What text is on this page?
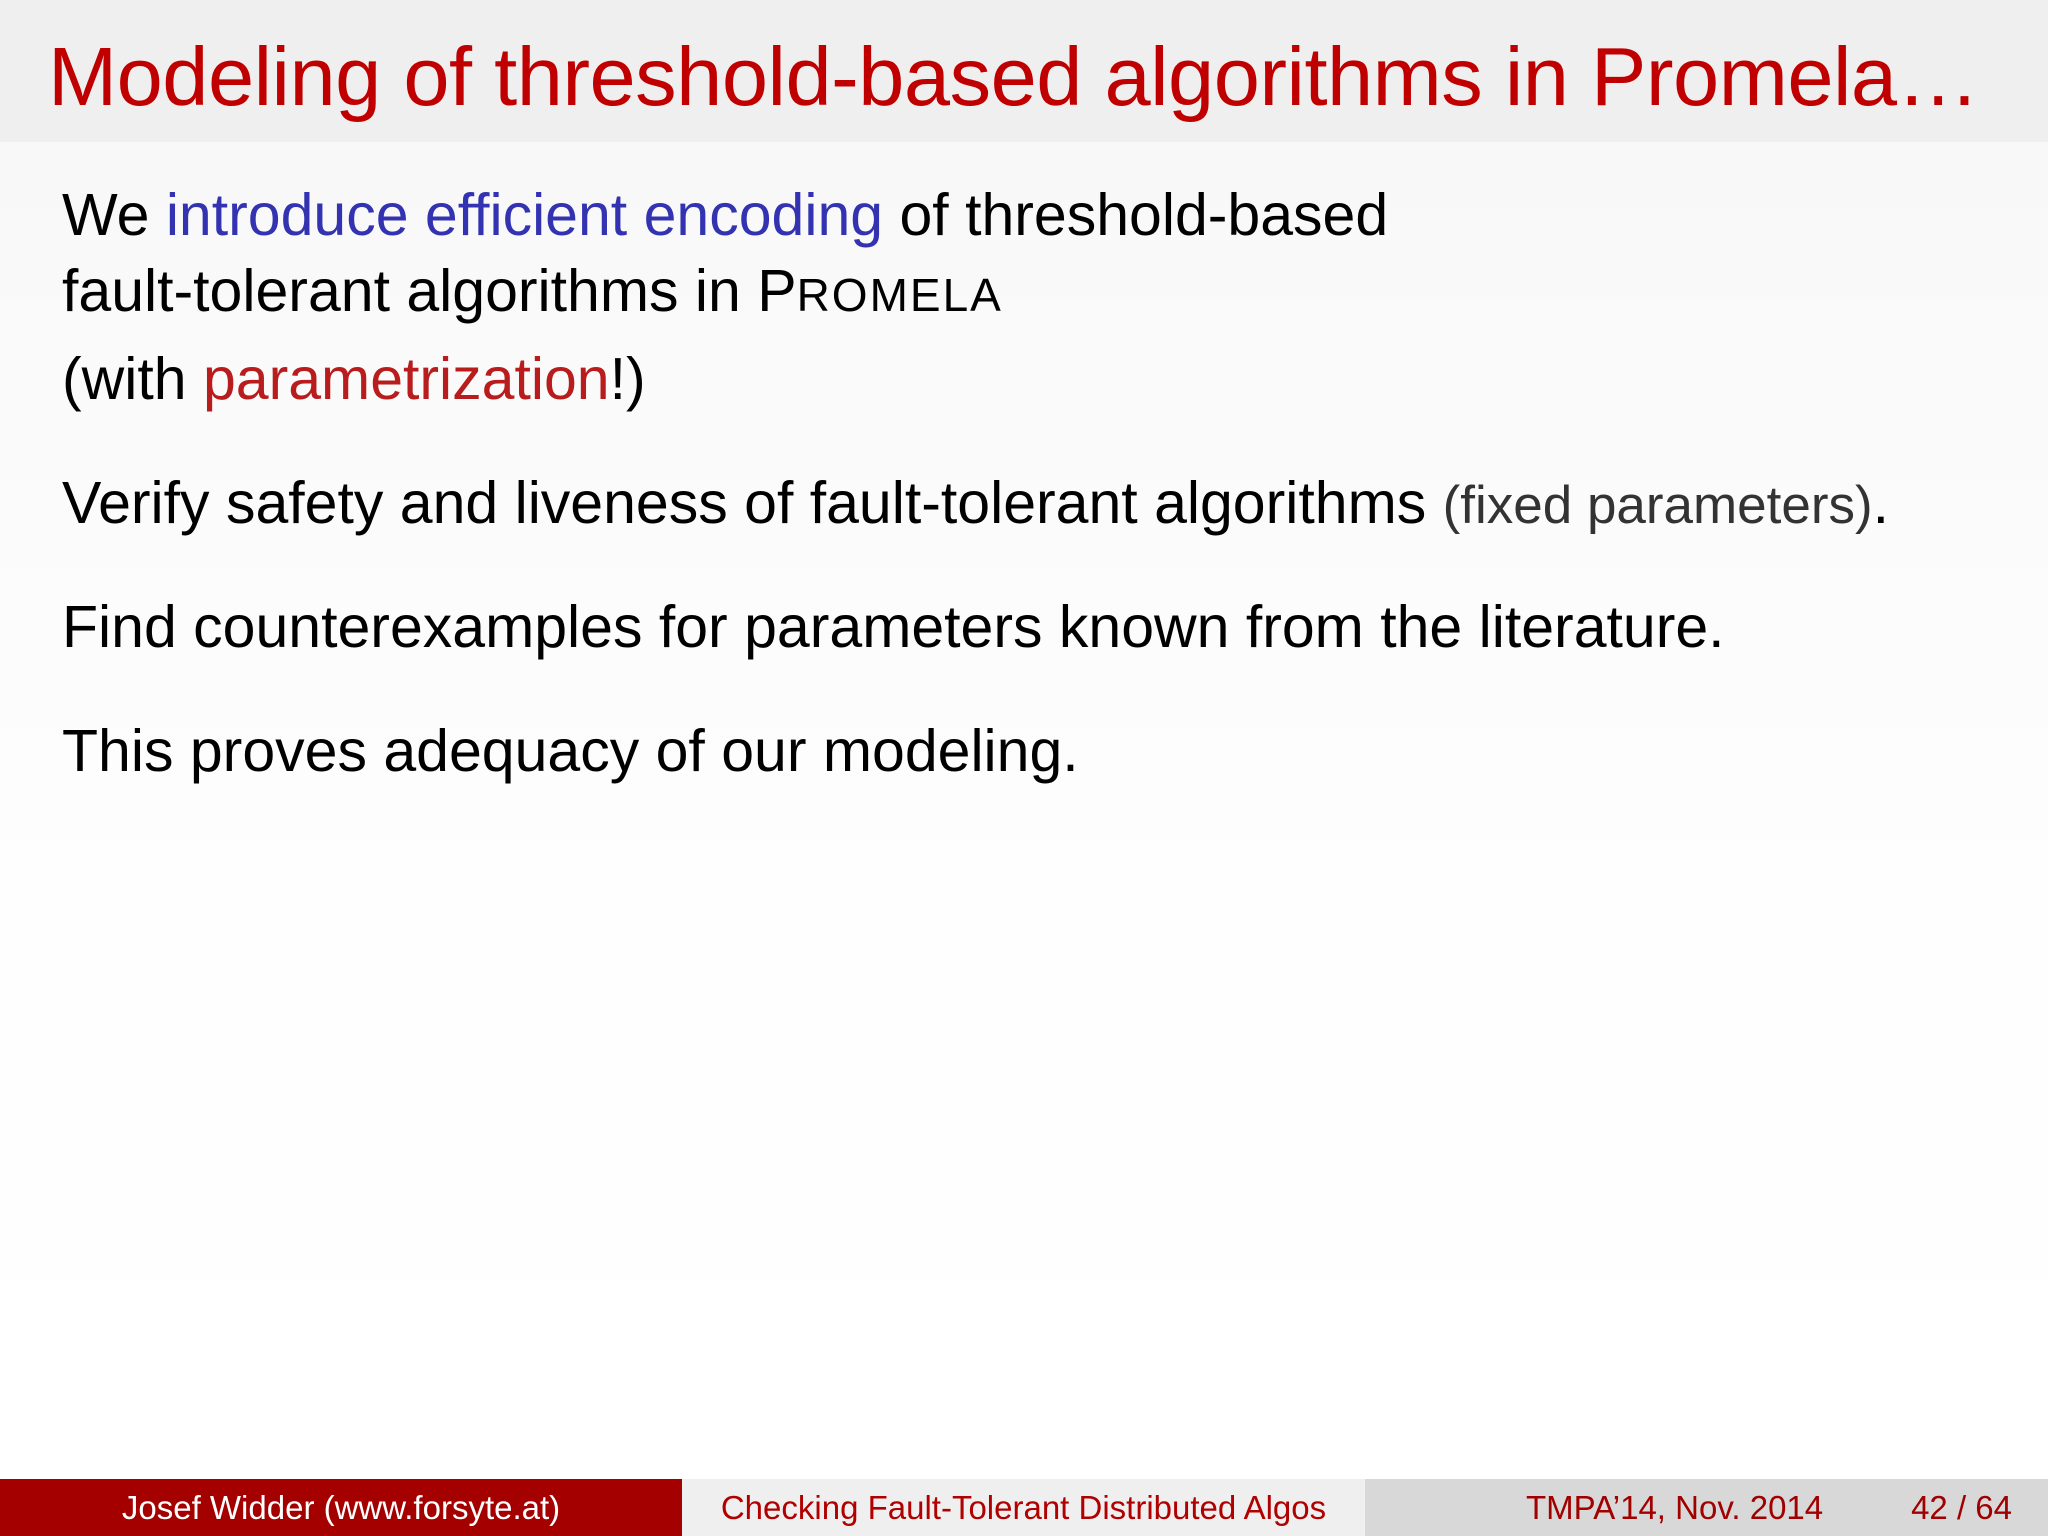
Modeling of threshold-based algorithms in Promela…

We introduce efficient encoding of threshold-based

fault-tolerant algorithms in PROMELA

(with parametrization!)

Verify safety and liveness of fault-tolerant algorithms (fixed parameters).

Find counterexamples for parameters known from the literature.

This proves adequacy of our modeling.

Josef Widder (www.forsyte.at)	Checking Fault-Tolerant Distributed Algos	TMPA’14, Nov. 2014	42 / 64
